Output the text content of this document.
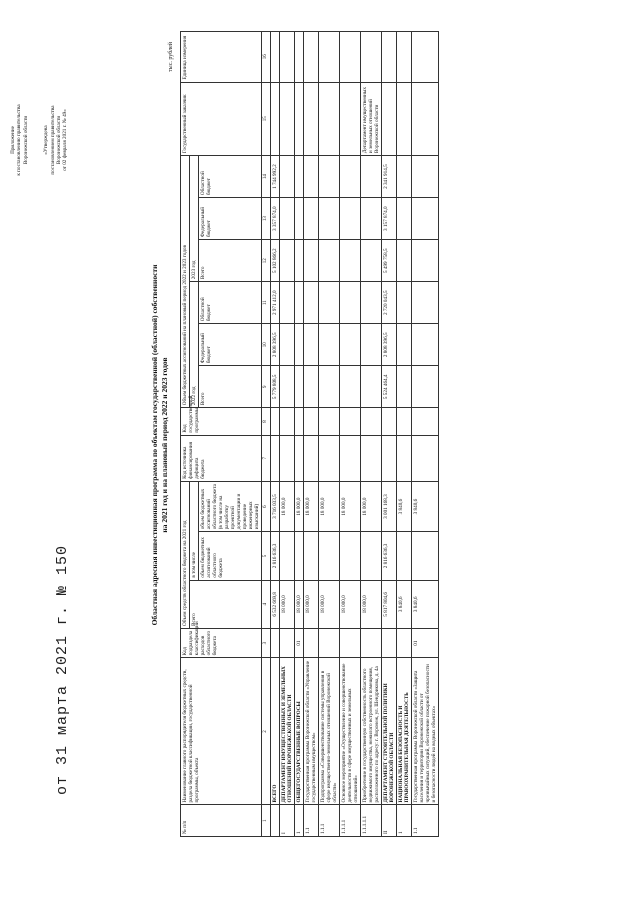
Приложение к постановлению правительства Воронежской области	«Утверждена постановлением правительства Воронежской области от 02 февраля 2021 г. № 49»
от 31 марта 2021 г. № 150
Областная адресная инвестиционная программа по объектам государственной (областной) собственности на 2021 год и на плановый период 2022 и 2023 годов
тыс. рублей
№ п/п	Наименование главного распорядителя бюджетных средств, раздела бюджетной классификации, государственной программы, объекта	Код подраздела классификации расходов областного бюджета	Объем средств областного бюджета на 2021 год			Код источника финансирования дефицита бюджета	Код государственной программы	Объем бюджетных ассигнований на плановый период 2022 и 2023 годов						Государственный заказчик	Единица измерения
			Всего	в том числе				2022 год			2023 год				
				объем бюджетных ассигнований областного бюджета	объем бюджетных ассигнований областного бюджета (в том числе на разработку проектной документации и проведение инженерных изысканий)			Всего	Федеральный бюджет	Областной бюджет	Всего	Федеральный бюджет	Областной бюджет		
1	2	3	4	5	6	7	8	9	10	11	12	13	14	15	16
	ВСЕГО		6 532 669,8	2 816 636,3	3 716 033,5			5 779 808,5	2 808 396,5	2 971 412,0	5 102 866,2	3 357 874,0	1 744 992,2		
I	ДЕПАРТАМЕНТ ИМУЩЕСТВЕННЫХ И ЗЕМЕЛЬНЫХ ОТНОШЕНИЙ ВОРОНЕЖСКОЙ ОБЛАСТИ		18 000,0		18 000,0										
1	ОБЩЕГОСУДАРСТВЕННЫЕ ВОПРОСЫ	01	18 000,0		18 000,0										
1.1	Государственная программа Воронежской области «Управление государственным имуществом»		18 000,0		18 000,0										
1.1.1	Подпрограмма «Совершенствование системы управления в сфере имущественно-земельных отношений Воронежской области»		18 000,0		18 000,0										
1.1.1.1	Основное мероприятие «Осуществление и совершенствование деятельности в сфере имущественных и земельных отношений»		18 000,0		18 000,0										
1.1.1.1.1	Приобретение в государственную собственность областного недвижимого имущества, нежилого встроенного помещения, расположенного по адресу: г. Воронеж, ул. Шендрикова, д. 4а		18 000,0		18 000,0									Департамент имущественных и земельных отношений Воронежской области	
II	ДЕПАРТАМЕНТ СТРОИТЕЛЬНОЙ ПОЛИТИКИ ВОРОНЕЖСКОЙ ОБЛАСТИ		5 817 804,6	2 816 636,3	3 001 168,3			5 524 464,4	2 808 396,5	2 720 043,5	5 499 758,5	3 157 874,0	2 341 914,5		
1	НАЦИОНАЛЬНАЯ БЕЗОПАСНОСТЬ И ПРАВООХРАНИТЕЛЬНАЯ ДЕЯТЕЛЬНОСТЬ		3 840,6		3 840,6										
1.1	Государственная программа Воронежской области «Защита населения и территории Воронежской области от чрезвычайных ситуаций, обеспечение пожарной безопасности и безопасности людей на водных объектах»	01	3 840,6		3 840,6										
